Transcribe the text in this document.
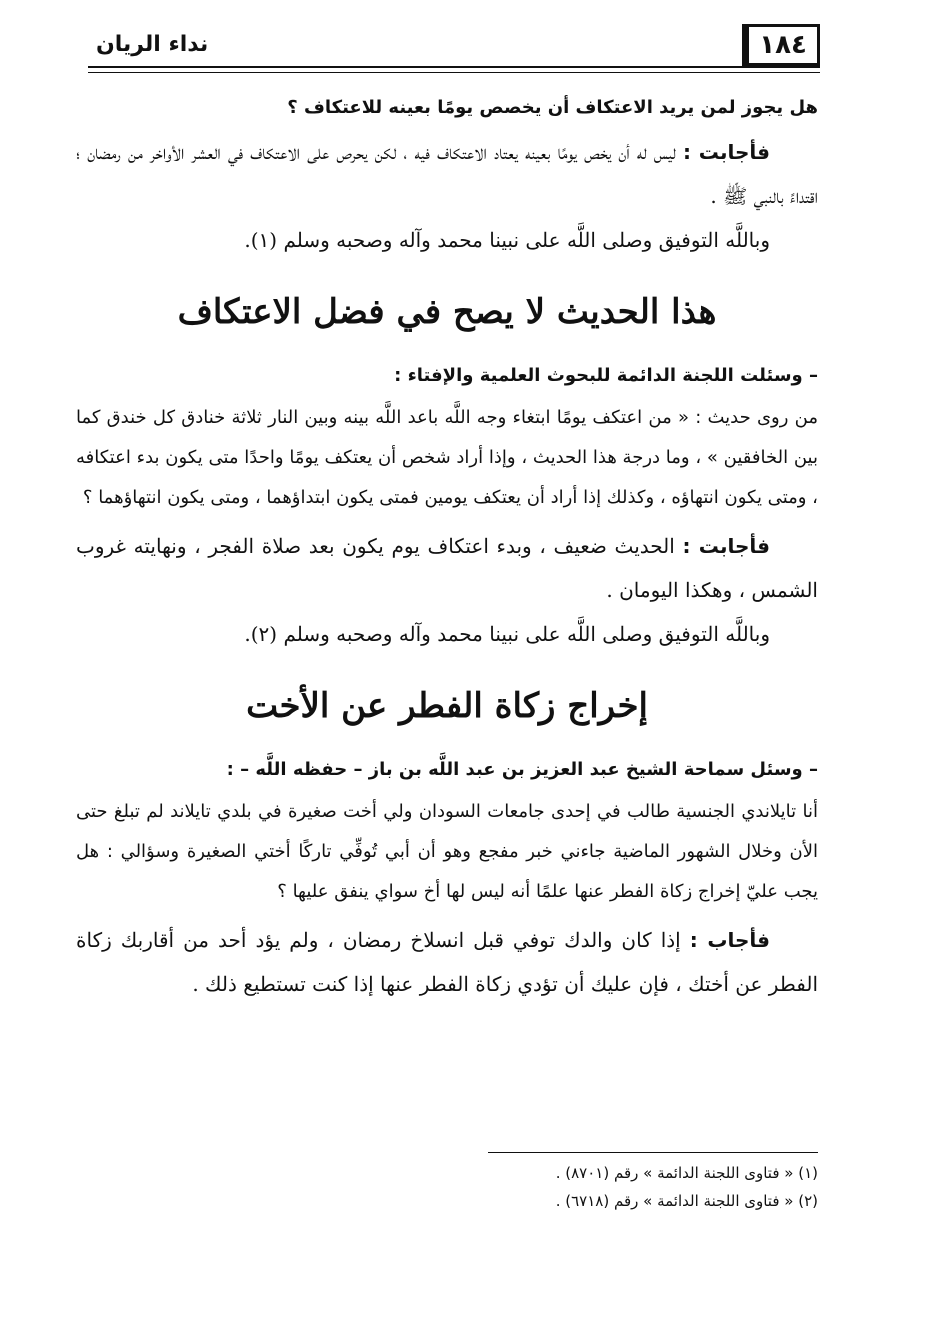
١٨٤
نداء الريان

هل يجوز لمن يريد الاعتكاف أن يخصص يومًا بعينه للاعتكاف ؟

فأجابت : ليس له أن يخص يومًا بعينه يعتاد الاعتكاف فيه ، لكن يحرص على الاعتكاف في العشر الأواخر من رمضان ؛ اقتداءً بالنبي ﷺ .

وباللَّه التوفيق وصلى اللَّه على نبينا محمد وآله وصحبه وسلم (١).

هذا الحديث لا يصح في فضل الاعتكاف

– وسئلت اللجنة الدائمة للبحوث العلمية والإفتاء :

من روى حديث : « من اعتكف يومًا ابتغاء وجه اللَّه باعد اللَّه بينه وبين النار ثلاثة خنادق كل خندق كما بين الخافقين » ، وما درجة هذا الحديث ، وإذا أراد شخص أن يعتكف يومًا واحدًا متى يكون بدء اعتكافه ، ومتى يكون انتهاؤه ، وكذلك إذا أراد أن يعتكف يومين فمتى يكون ابتداؤهما ، ومتى يكون انتهاؤهما ؟

فأجابت : الحديث ضعيف ، وبدء اعتكاف يوم يكون بعد صلاة الفجر ، ونهايته غروب الشمس ، وهكذا اليومان .

وباللَّه التوفيق وصلى اللَّه على نبينا محمد وآله وصحبه وسلم (٢).

إخراج زكاة الفطر عن الأخت

– وسئل سماحة الشيخ عبد العزيز بن عبد اللَّه بن باز – حفظه اللَّه – :

أنا تايلاندي الجنسية طالب في إحدى جامعات السودان ولي أخت صغيرة في بلدي تايلاند لم تبلغ حتى الأن وخلال الشهور الماضية جاءني خبر مفجع وهو أن أبي تُوفِّي تاركًا أختي الصغيرة وسؤالي : هل يجب عليّ إخراج زكاة الفطر عنها علمًا أنه ليس لها أخ سواي ينفق عليها ؟

فأجاب : إذا كان والدك توفي قبل انسلاخ رمضان ، ولم يؤد أحد من أقاربك زكاة الفطر عن أختك ، فإن عليك أن تؤدي زكاة الفطر عنها إذا كنت تستطيع ذلك .

(١) « فتاوى اللجنة الدائمة » رقم (٨٧٠١) .
(٢) « فتاوى اللجنة الدائمة » رقم (٦٧١٨) .
